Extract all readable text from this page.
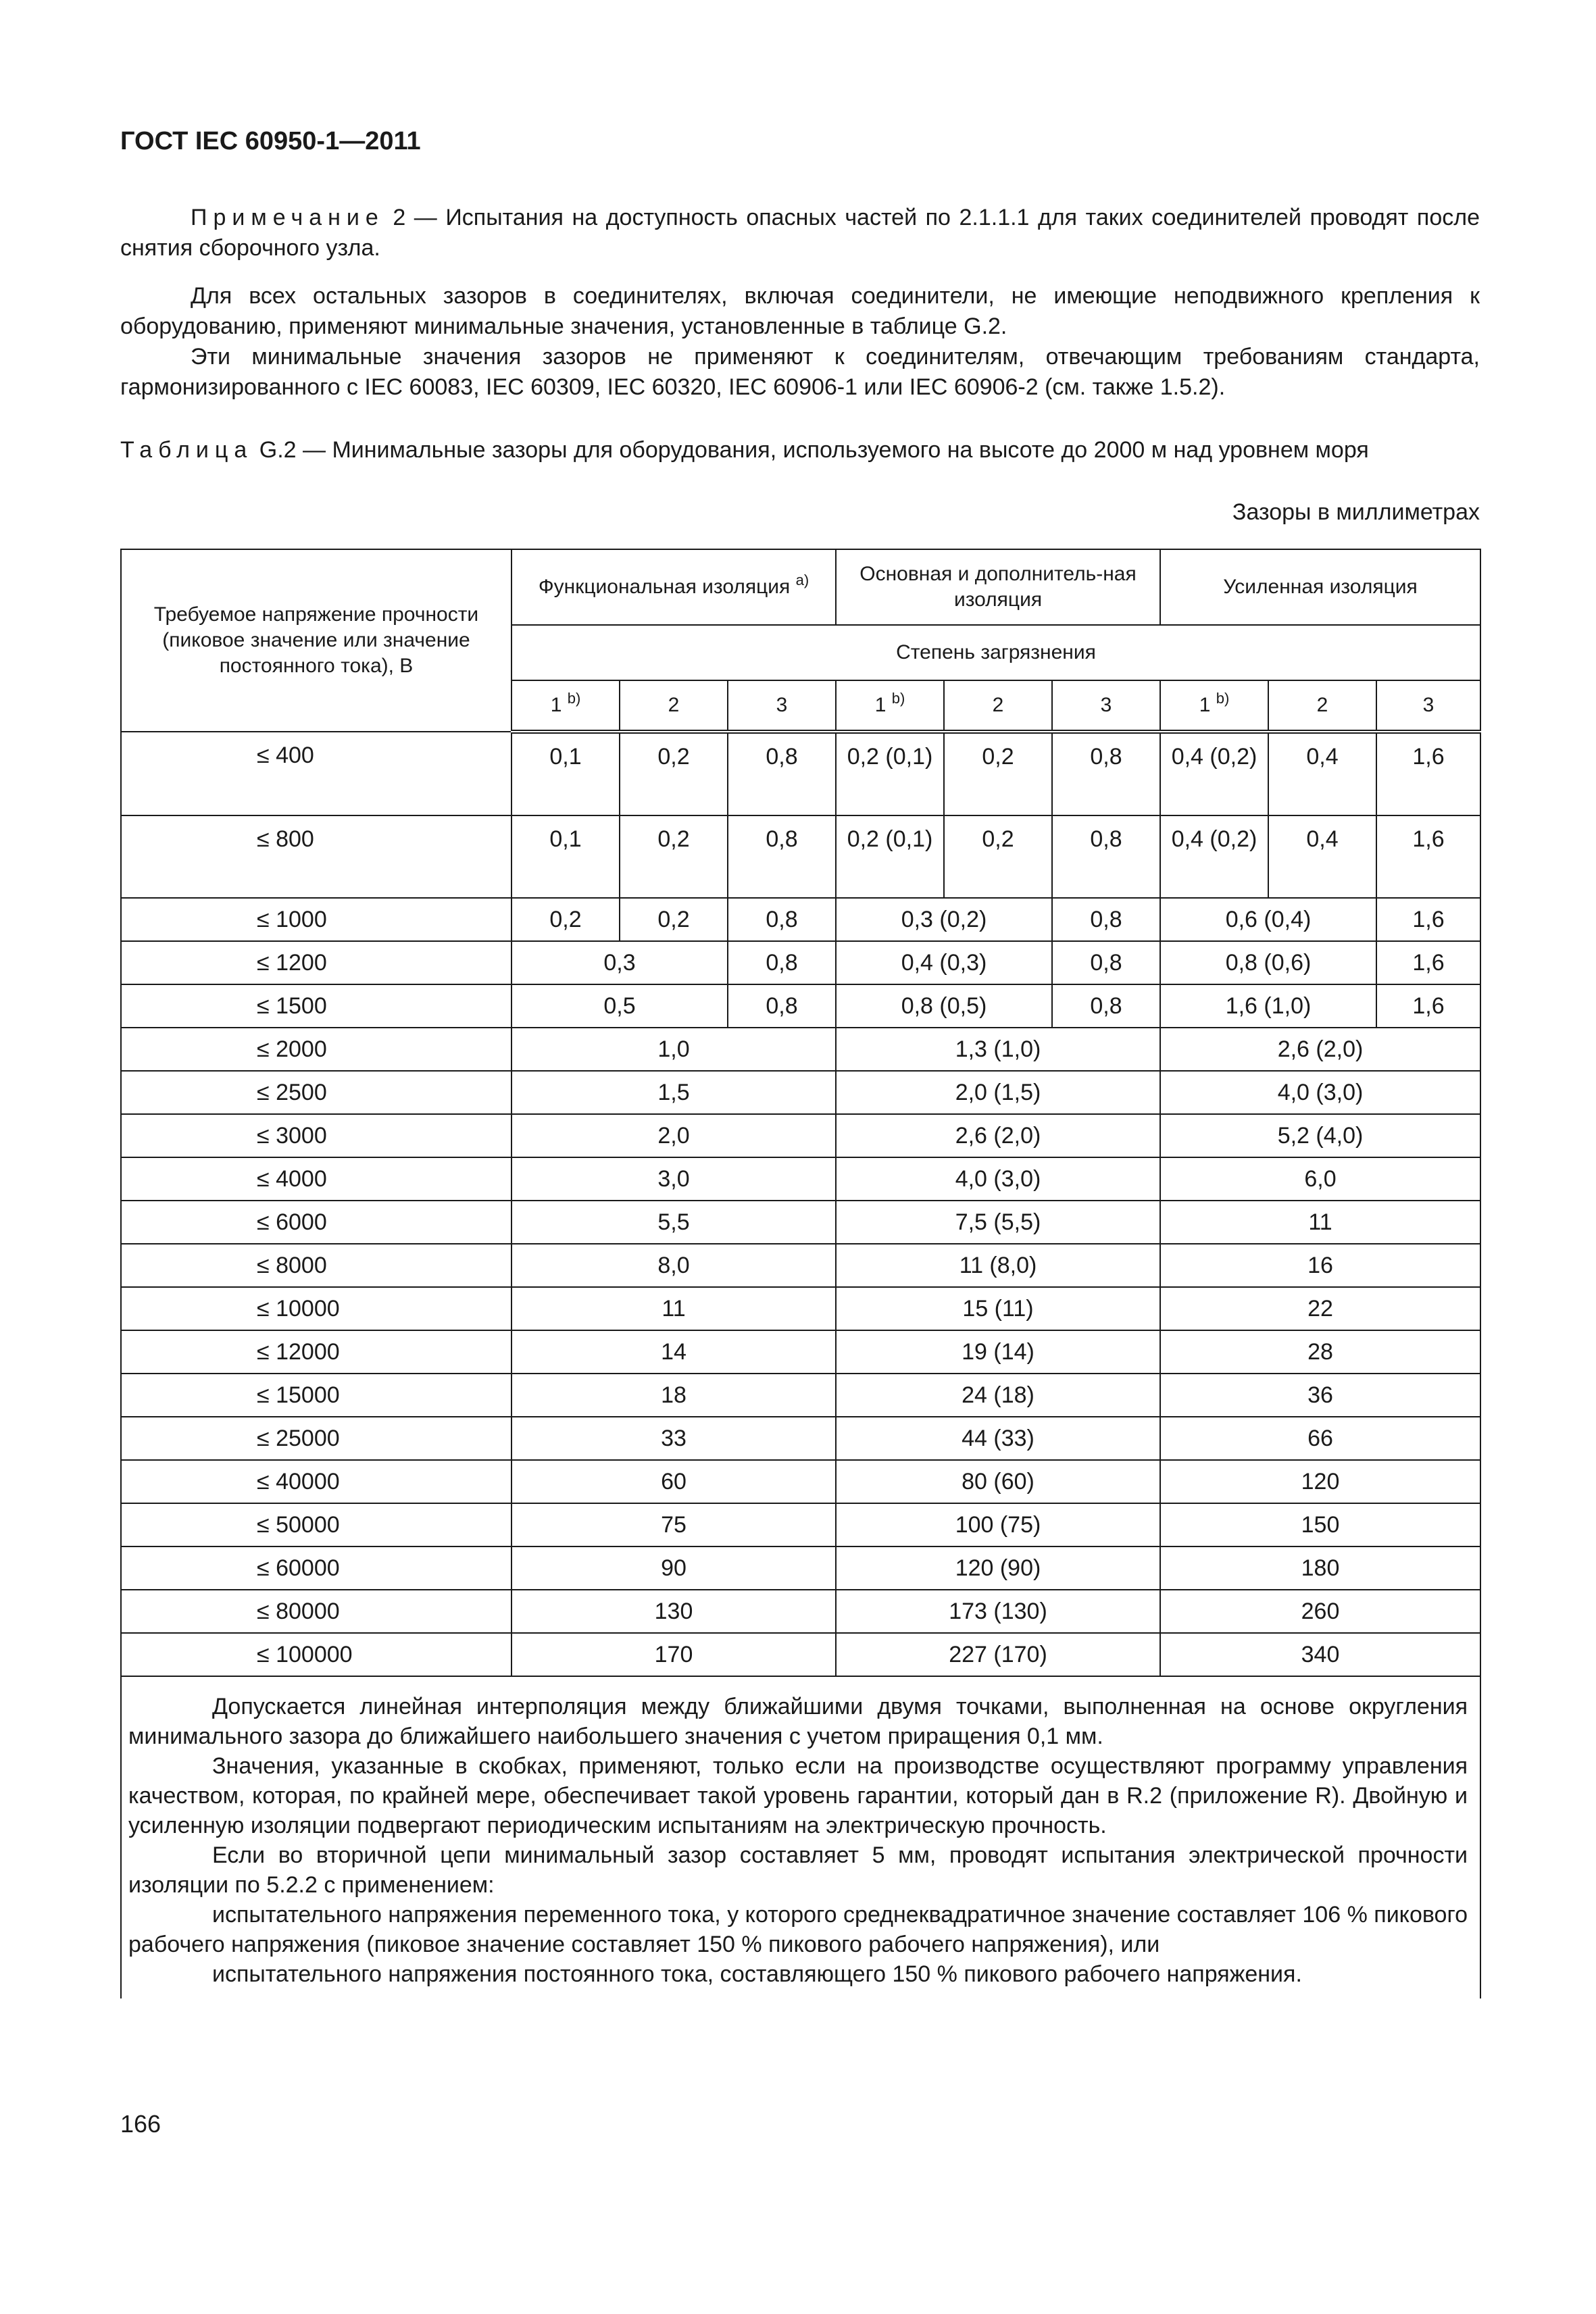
ГОСТ IEC 60950-1—2011

Примечание 2 — Испытания на доступность опасных частей по 2.1.1.1 для таких соединителей проводят после снятия сборочного узла.

Для всех остальных зазоров в соединителях, включая соединители, не имеющие неподвижного крепления к оборудованию, применяют минимальные значения, установленные в таблице G.2.

Эти минимальные значения зазоров не применяют к соединителям, отвечающим требованиям стандарта, гармонизированного с IEC 60083, IEC 60309, IEC 60320, IEC 60906-1 или IEC 60906-2 (см. также 1.5.2).

Таблица G.2 — Минимальные зазоры для оборудования, используемого на высоте до 2000 м над уровнем моря

Зазоры в миллиметрах
Требуемое напряжение прочности (пиковое значение или значение постоянного тока), В	Функциональная изоляция $^{а)}$			Основная и дополнитель-ная изоляция			Усиленная изоляция		
	Степень загрязнения								
	1 $^{b)}$	2	3	1 $^{b)}$	2	3	1 $^{b)}$	2	3
≤ 400	0,1	0,2	0,8	0,2 (0,1)	0,2	0,8	0,4 (0,2)	0,4	1,6
≤ 800	0,1	0,2	0,8	0,2 (0,1)	0,2	0,8	0,4 (0,2)	0,4	1,6
≤ 1000	0,2	0,2	0,8	0,3 (0,2)		0,8	0,6 (0,4)		1,6
≤ 1200	0,3		0,8	0,4 (0,3)		0,8	0,8 (0,6)		1,6
≤ 1500	0,5		0,8	0,8 (0,5)		0,8	1,6 (1,0)		1,6
≤ 2000	1,0			1,3 (1,0)			2,6 (2,0)		
≤ 2500	1,5			2,0 (1,5)			4,0 (3,0)		
≤ 3000	2,0			2,6 (2,0)			5,2 (4,0)		
≤ 4000	3,0			4,0 (3,0)			6,0		
≤ 6000	5,5			7,5 (5,5)			11		
≤ 8000	8,0			11 (8,0)			16		
≤ 10000	11			15 (11)			22		
≤ 12000	14			19 (14)			28		
≤ 15000	18			24 (18)			36		
≤ 25000	33			44 (33)			66		
≤ 40000	60			80 (60)			120		
≤ 50000	75			100 (75)			150		
≤ 60000	90			120 (90)			180		
≤ 80000	130			173 (130)			260		
≤ 100000	170			227 (170)			340		

Допускается линейная интерполяция между ближайшими двумя точками, выполненная на основе округления минимального зазора до ближайшего наибольшего значения с учетом приращения 0,1 мм.

Значения, указанные в скобках, применяют, только если на производстве осуществляют программу управления качеством, которая, по крайней мере, обеспечивает такой уровень гарантии, который дан в R.2 (приложение R). Двойную и усиленную изоляции подвергают периодическим испытаниям на электрическую прочность.

Если во вторичной цепи минимальный зазор составляет 5 мм, проводят испытания электрической прочности изоляции по 5.2.2 с применением:

испытательного напряжения переменного тока, у которого среднеквадратичное значение составляет 106 % пикового рабочего напряжения (пиковое значение составляет 150 % пикового рабочего напряжения), или

испытательного напряжения постоянного тока, составляющего 150 % пикового рабочего напряжения.									

166
